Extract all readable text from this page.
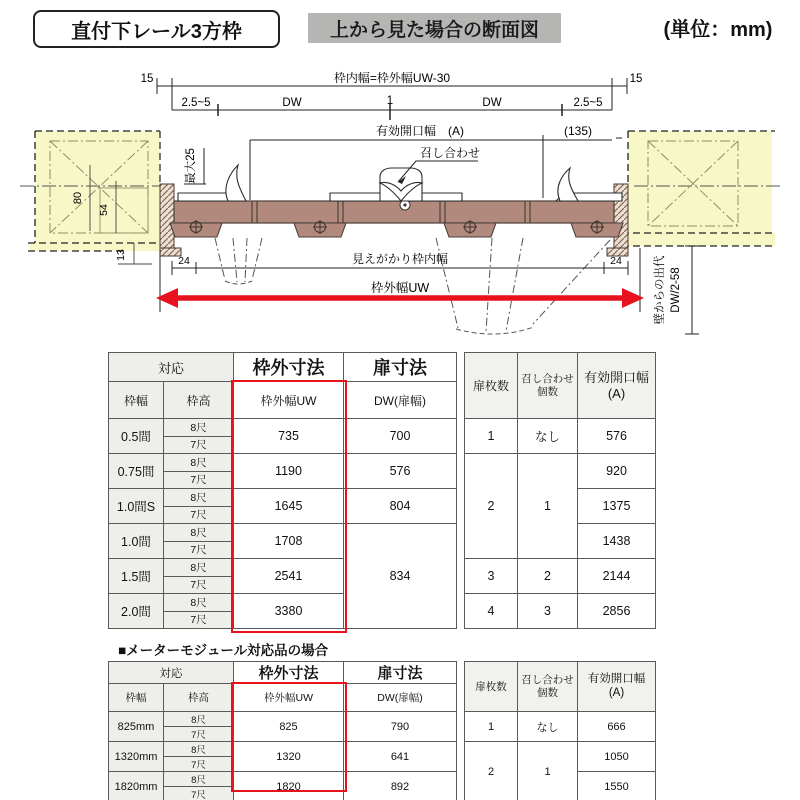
直付下レール3方枠	上から見た場合の断面図	(単位：mm)
15	15
枠内幅=枠外幅UW-30
2.5~5	DW	1	DW	2.5~5
有効開口幅　(A)	(135)
最大25	召し合わせ
80
54
13	24	24
見えがかり枠内幅
枠外幅UW	壁からの出代 DW/2-58
対応		枠外寸法	扉寸法		扉枚数	召し合わせ個数	有効開口幅
(A)

枠幅	枠高	枠外幅UW	DW(扉幅)				
0.5間	8尺	735	700		1	なし	576
	7尺						
0.75間	8尺	1190	576		2	1	920
	7尺						
1.0間S	8尺	1645	804				1375
	7尺						
1.0間	8尺	1708	834				1438
	7尺						
1.5間	8尺	2541			3	2	2144
	7尺						
2.0間	8尺	3380			4	3	2856
	7尺						
■メーターモジュール対応品の場合
対応		枠外寸法	扉寸法		扉枚数	召し合わせ個数	有効開口幅
(A)

枠幅	枠高	枠外幅UW	DW(扉幅)				
825mm	8尺	825	790		1	なし	666
	7尺						
1320mm	8尺	1320	641		2	1	1050
	7尺						
1820mm	8尺	1820	892				1550
	7尺						
